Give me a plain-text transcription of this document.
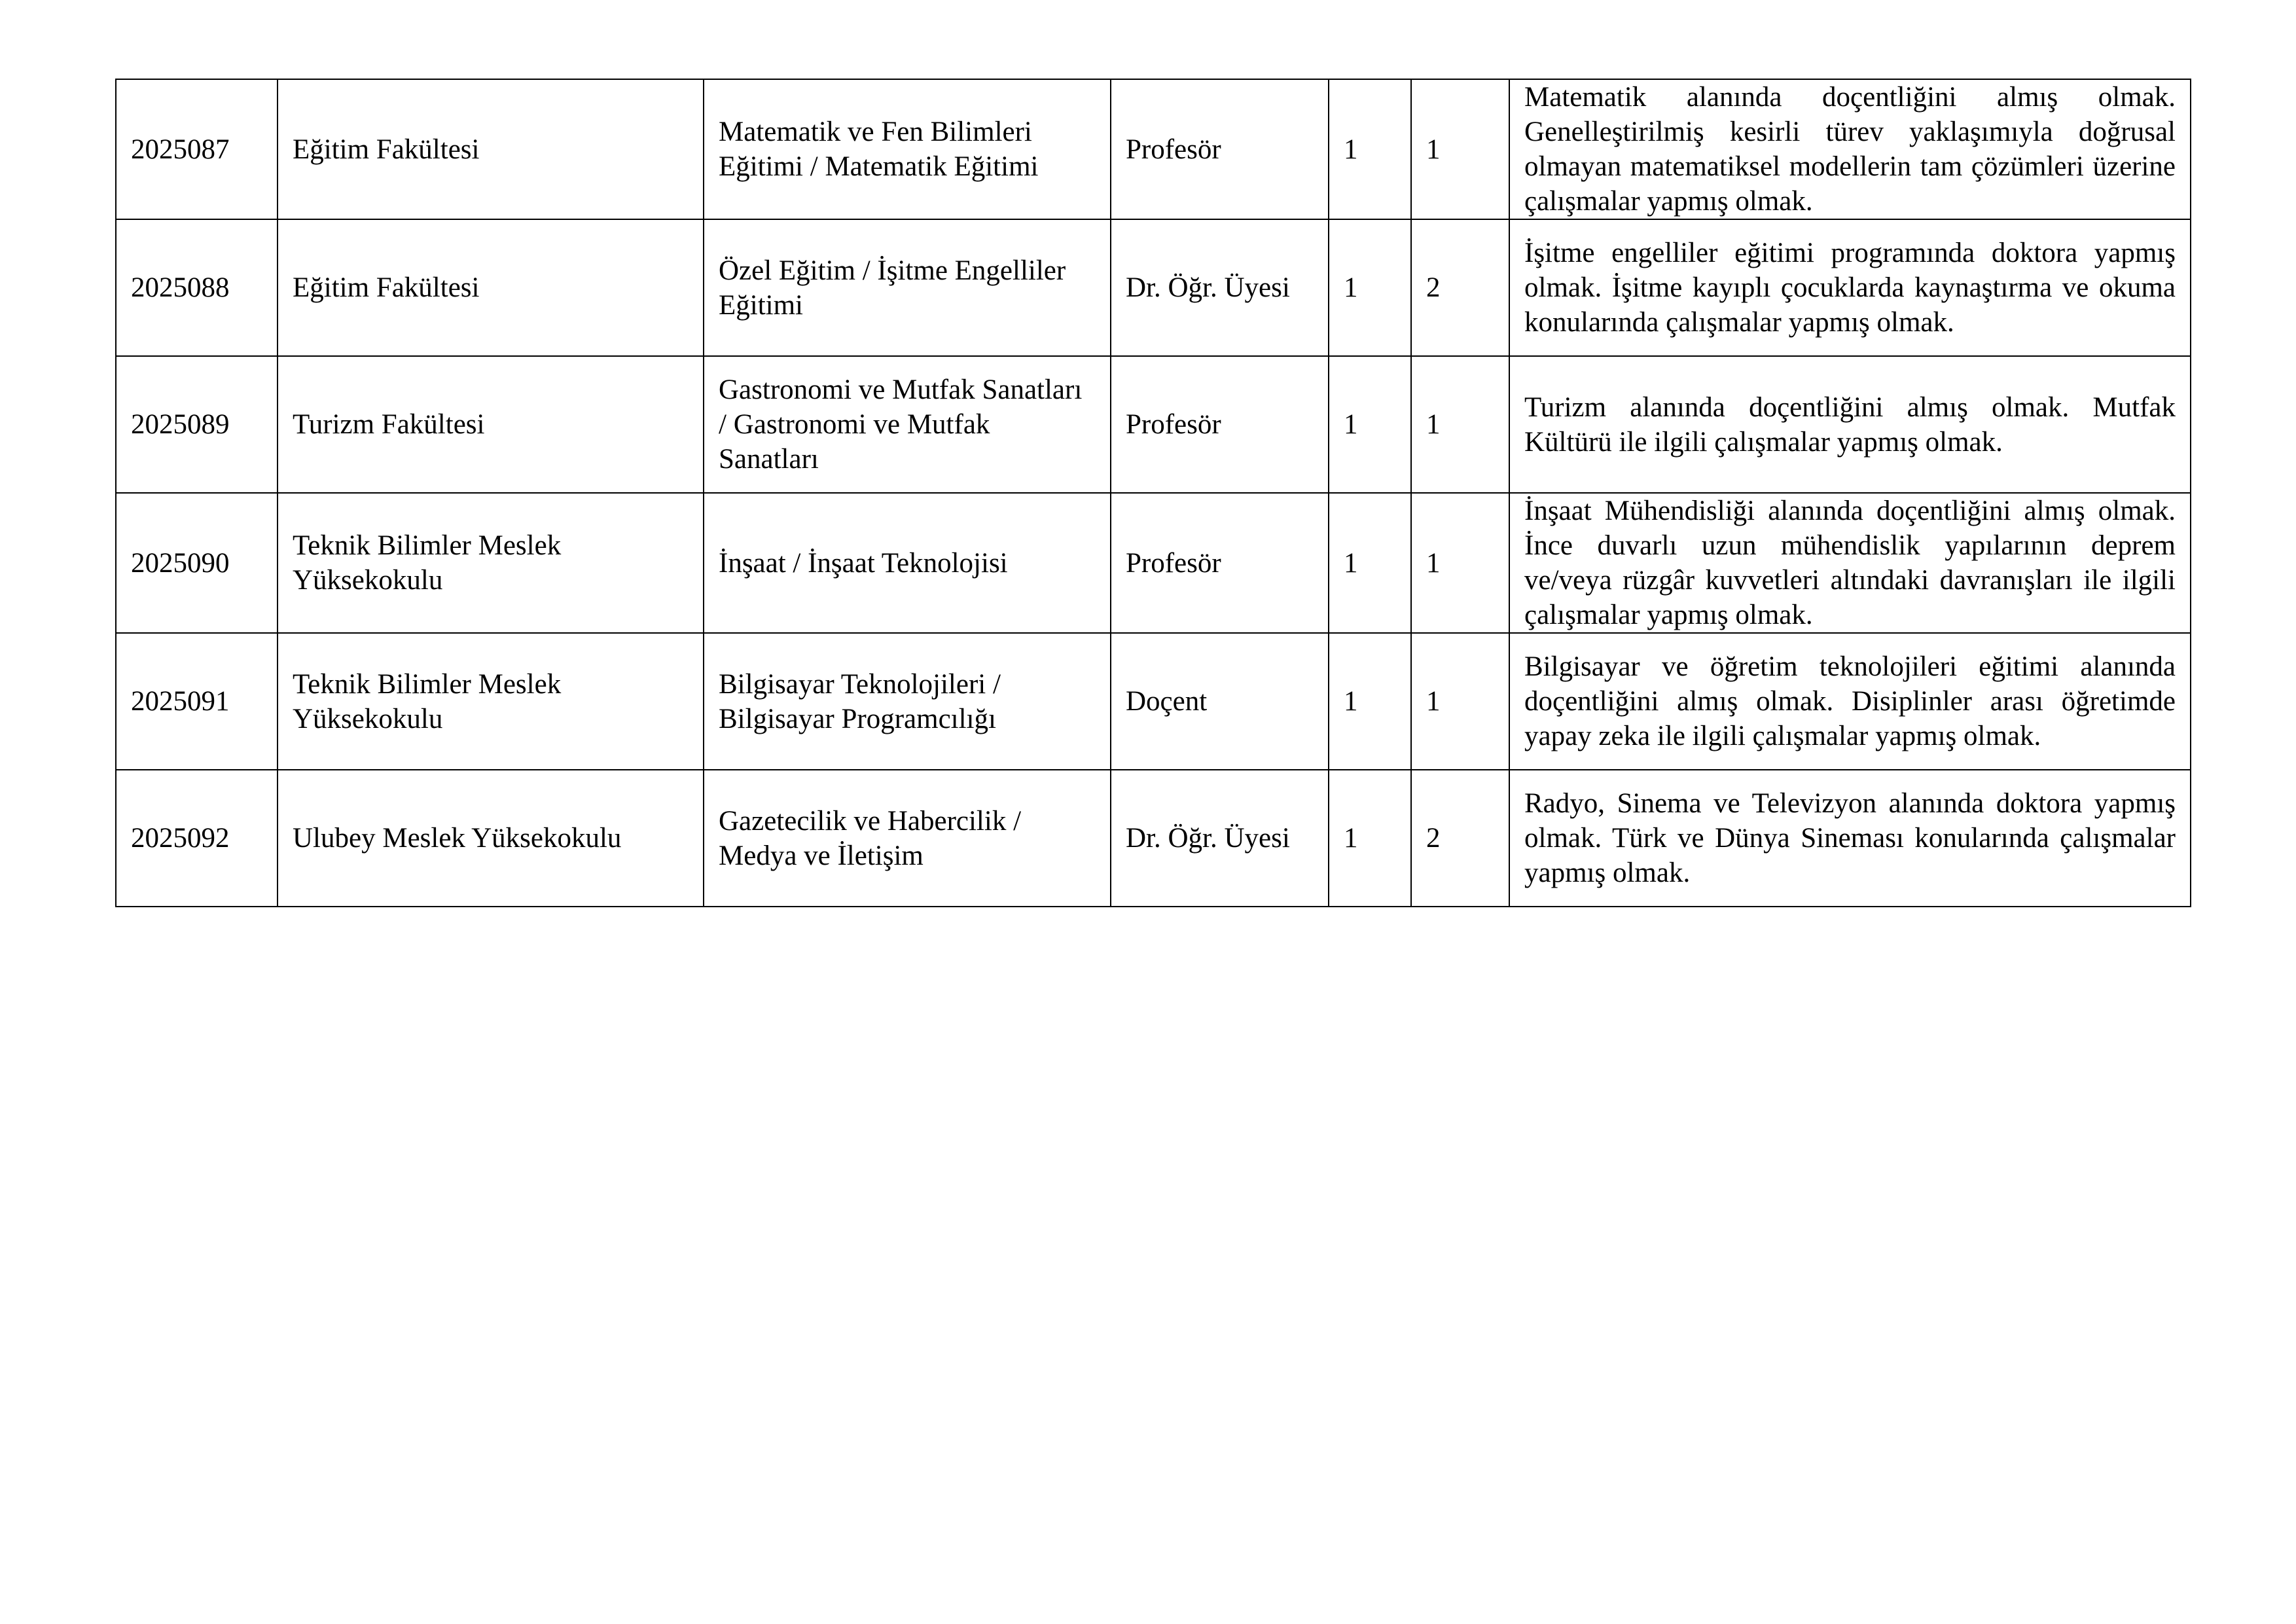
2025087	Eğitim Fakültesi	Matematik ve Fen Bilimleri Eğitimi / Matematik Eğitimi	Profesör	1	1	Matematik alanında doçentliğini almış olmak. Genelleştirilmiş kesirli türev yaklaşımıyla doğrusal olmayan matematiksel modellerin tam çözümleri üzerine çalışmalar yapmış olmak.
2025088	Eğitim Fakültesi	Özel Eğitim / İşitme Engelliler Eğitimi	Dr. Öğr. Üyesi	1	2	İşitme engelliler eğitimi programında doktora yapmış olmak. İşitme kayıplı çocuklarda kaynaştırma ve okuma konularında çalışmalar yapmış olmak.
2025089	Turizm Fakültesi	Gastronomi ve Mutfak Sanatları / Gastronomi ve Mutfak Sanatları	Profesör	1	1	Turizm alanında doçentliğini almış olmak. Mutfak Kültürü ile ilgili çalışmalar yapmış olmak.
2025090	Teknik Bilimler Meslek Yüksekokulu	İnşaat / İnşaat Teknolojisi	Profesör	1	1	İnşaat Mühendisliği alanında doçentliğini almış olmak. İnce duvarlı uzun mühendislik yapılarının deprem ve/veya rüzgâr kuvvetleri altındaki davranışları ile ilgili çalışmalar yapmış olmak.
2025091	Teknik Bilimler Meslek Yüksekokulu	Bilgisayar Teknolojileri / Bilgisayar Programcılığı	Doçent	1	1	Bilgisayar ve öğretim teknolojileri eğitimi alanında doçentliğini almış olmak. Disiplinler arası öğretimde yapay zeka ile ilgili çalışmalar yapmış olmak.
2025092	Ulubey Meslek Yüksekokulu	Gazetecilik ve Habercilik / Medya ve İletişim	Dr. Öğr. Üyesi	1	2	Radyo, Sinema ve Televizyon alanında doktora yapmış olmak. Türk ve Dünya Sineması konularında çalışmalar yapmış olmak.
